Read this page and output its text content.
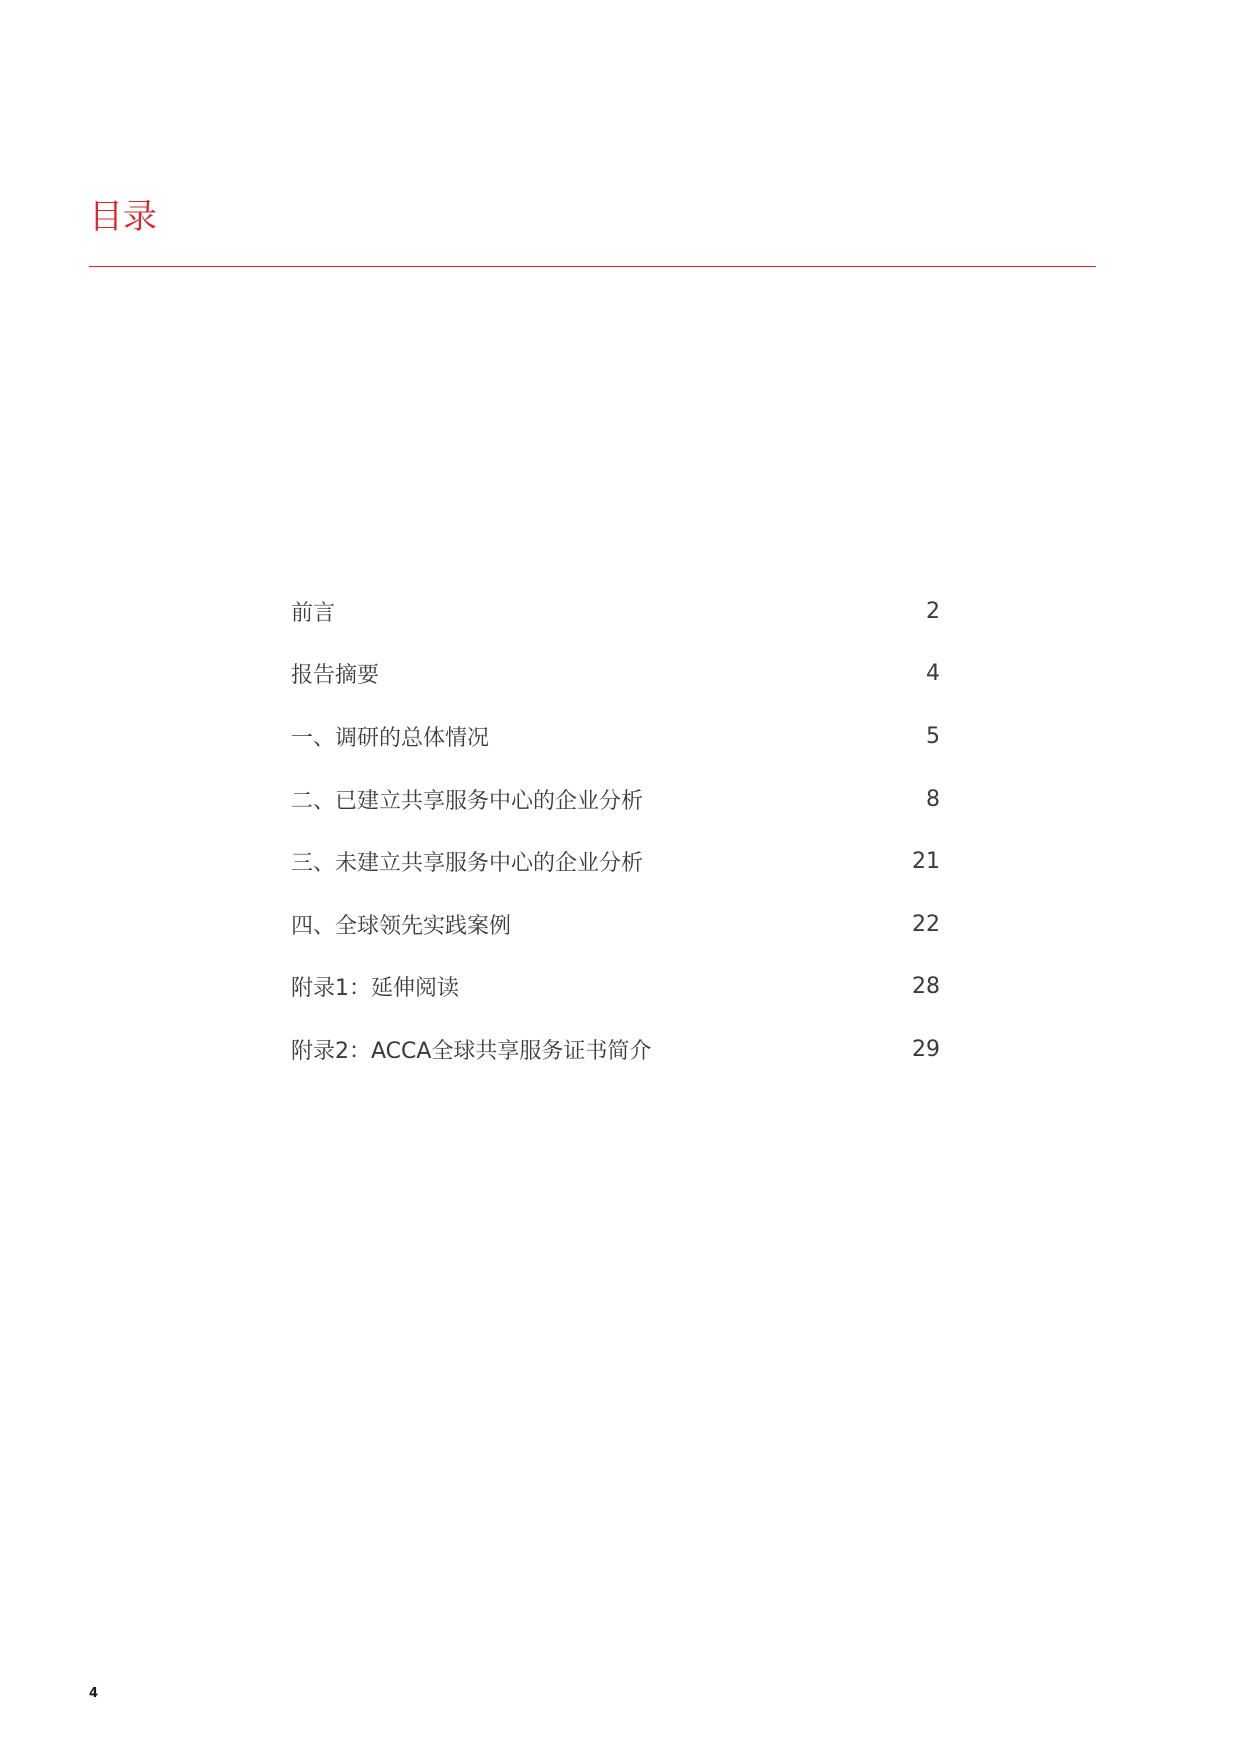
目录
前言	2
报告摘要	4
一、调研的总体情况	5
二、已建立共享服务中心的企业分析	8
三、未建立共享服务中心的企业分析	21
四、全球领先实践案例	22
附录1：延伸阅读	28
附录2：ACCA全球共享服务证书简介	29
4
